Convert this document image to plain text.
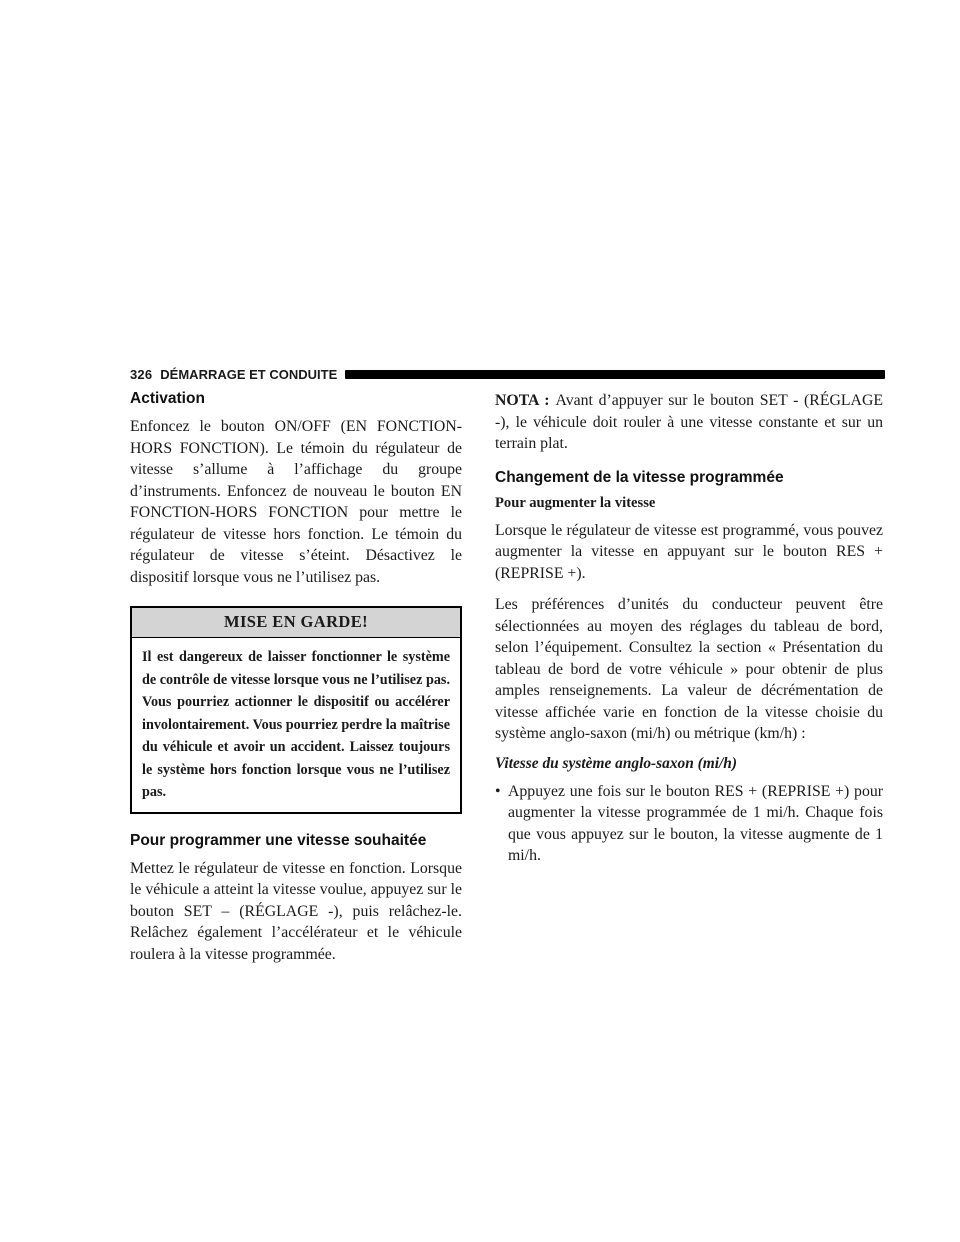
326 DÉMARRAGE ET CONDUITE
Activation

Enfoncez le bouton ON/OFF (EN FONCTION-HORS FONCTION). Le témoin du régulateur de vitesse s’allume à l’affichage du groupe d’instruments. Enfoncez de nouveau le bouton EN FONCTION-HORS FONCTION pour mettre le régulateur de vitesse hors fonction. Le témoin du régulateur de vitesse s’éteint. Désactivez le dispositif lorsque vous ne l’utilisez pas.

MISE EN GARDE!
Il est dangereux de laisser fonctionner le système de contrôle de vitesse lorsque vous ne l’utilisez pas. Vous pourriez actionner le dispositif ou accélérer involontairement. Vous pourriez perdre la maîtrise du véhicule et avoir un accident. Laissez toujours le système hors fonction lorsque vous ne l’utilisez pas.
Pour programmer une vitesse souhaitée

Mettez le régulateur de vitesse en fonction. Lorsque le véhicule a atteint la vitesse voulue, appuyez sur le bouton SET – (RÉGLAGE -), puis relâchez-le. Relâchez également l’accélérateur et le véhicule roulera à la vitesse programmée.

NOTA : Avant d’appuyer sur le bouton SET - (RÉGLAGE -), le véhicule doit rouler à une vitesse constante et sur un terrain plat.

Changement de la vitesse programmée
Pour augmenter la vitesse

Lorsque le régulateur de vitesse est programmé, vous pouvez augmenter la vitesse en appuyant sur le bouton RES + (REPRISE +).

Les préférences d’unités du conducteur peuvent être sélectionnées au moyen des réglages du tableau de bord, selon l’équipement. Consultez la section « Présentation du tableau de bord de votre véhicule » pour obtenir de plus amples renseignements. La valeur de décrémentation de vitesse affichée varie en fonction de la vitesse choisie du système anglo-saxon (mi/h) ou métrique (km/h) :

Vitesse du système anglo-saxon (mi/h)
• Appuyez une fois sur le bouton RES + (REPRISE +) pour augmenter la vitesse programmée de 1 mi/h. Chaque fois que vous appuyez sur le bouton, la vitesse augmente de 1 mi/h.
